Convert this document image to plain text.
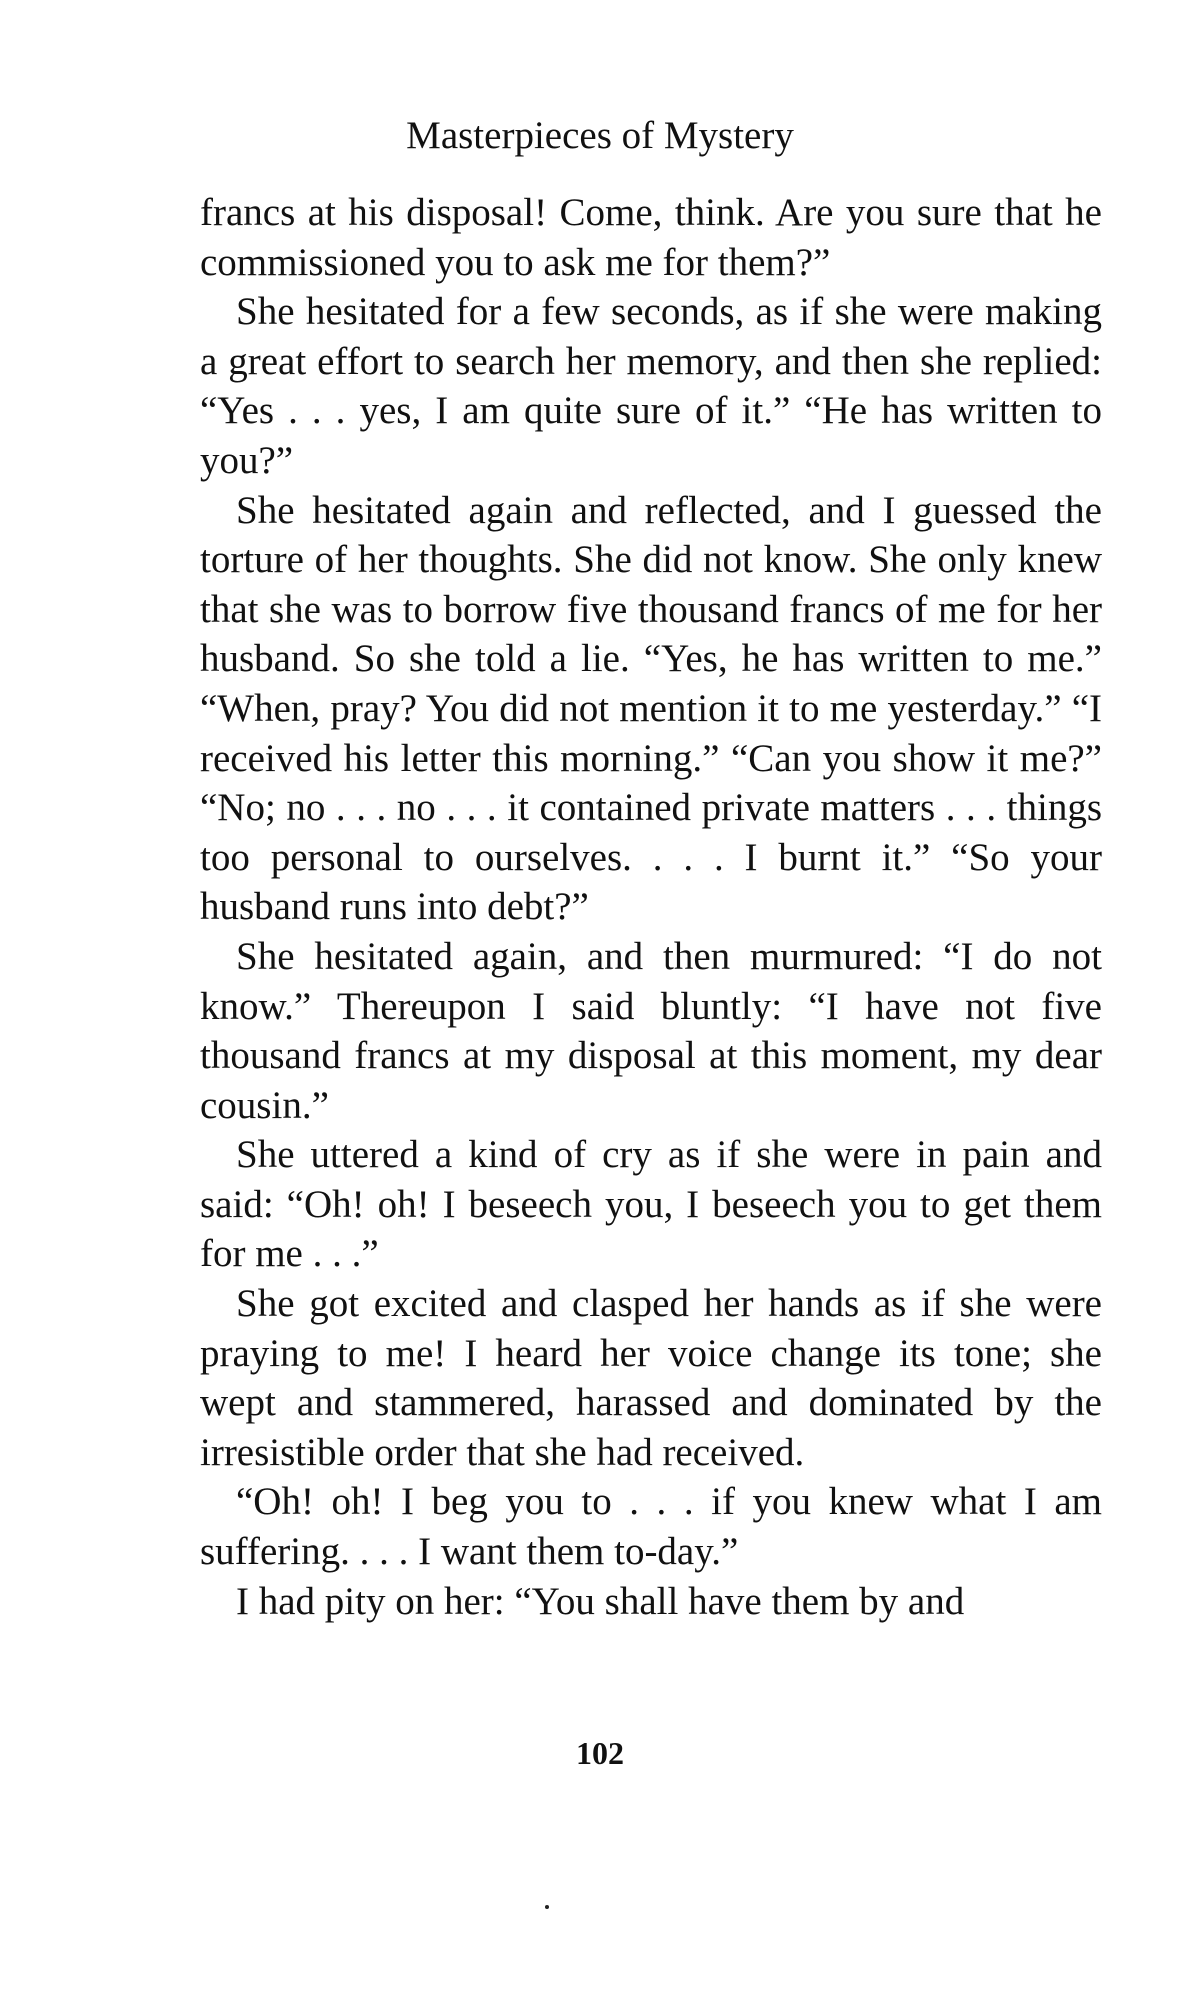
Masterpieces of Mystery

francs at his disposal! Come, think. Are you sure that he commissioned you to ask me for them?”

She hesitated for a few seconds, as if she were making a great effort to search her memory, and then she replied: “Yes . . . yes, I am quite sure of it.” “He has written to you?”

She hesitated again and reflected, and I guessed the torture of her thoughts. She did not know. She only knew that she was to borrow five thousand francs of me for her husband. So she told a lie. “Yes, he has written to me.” “When, pray? You did not mention it to me yesterday.” “I received his letter this morning.” “Can you show it me?” “No; no . . . no . . . it contained private matters . . . things too personal to ourselves. . . . I burnt it.” “So your husband runs into debt?”

She hesitated again, and then murmured: “I do not know.” Thereupon I said bluntly: “I have not five thousand francs at my disposal at this moment, my dear cousin.”

She uttered a kind of cry as if she were in pain and said: “Oh! oh! I beseech you, I beseech you to get them for me . . .”

She got excited and clasped her hands as if she were praying to me! I heard her voice change its tone; she wept and stammered, harassed and dominated by the irresistible order that she had received.

“Oh! oh! I beg you to . . . if you knew what I am suffering. . . . I want them to-day.”

I had pity on her: “You shall have them by and

102
